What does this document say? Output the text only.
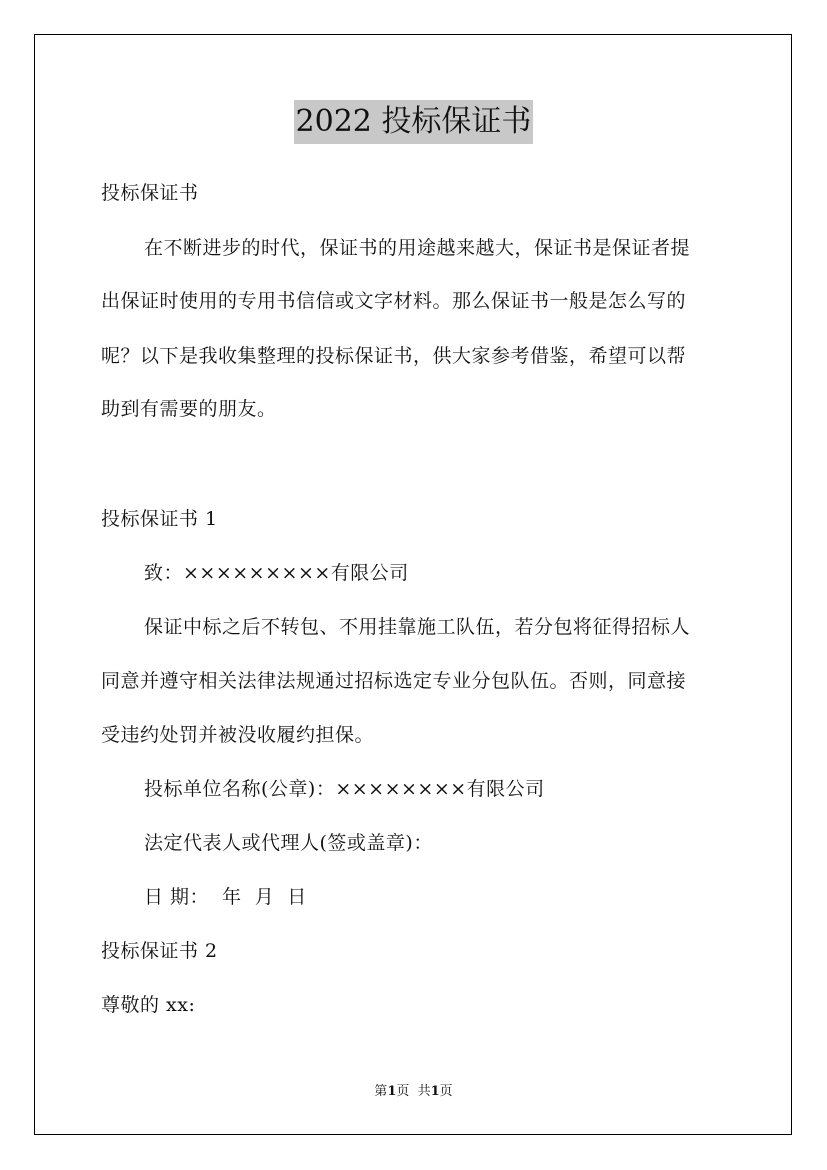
2022 投标保证书
投标保证书
在不断进步的时代，保证书的用途越来越大，保证书是保证者提
出保证时使用的专用书信信或文字材料。那么保证书一般是怎么写的
呢？以下是我收集整理的投标保证书，供大家参考借鉴，希望可以帮
助到有需要的朋友。
投标保证书 1
致：×××××××××有限公司
保证中标之后不转包、不用挂靠施工队伍，若分包将征得招标人
同意并遵守相关法律法规通过招标选定专业分包队伍。否则，同意接
受违约处罚并被没收履约担保。
投标单位名称(公章)：××××××××有限公司
法定代表人或代理人(签或盖章)：
日 期：  年  月  日
投标保证书 2
尊敬的 xx:
第1页  共1页
